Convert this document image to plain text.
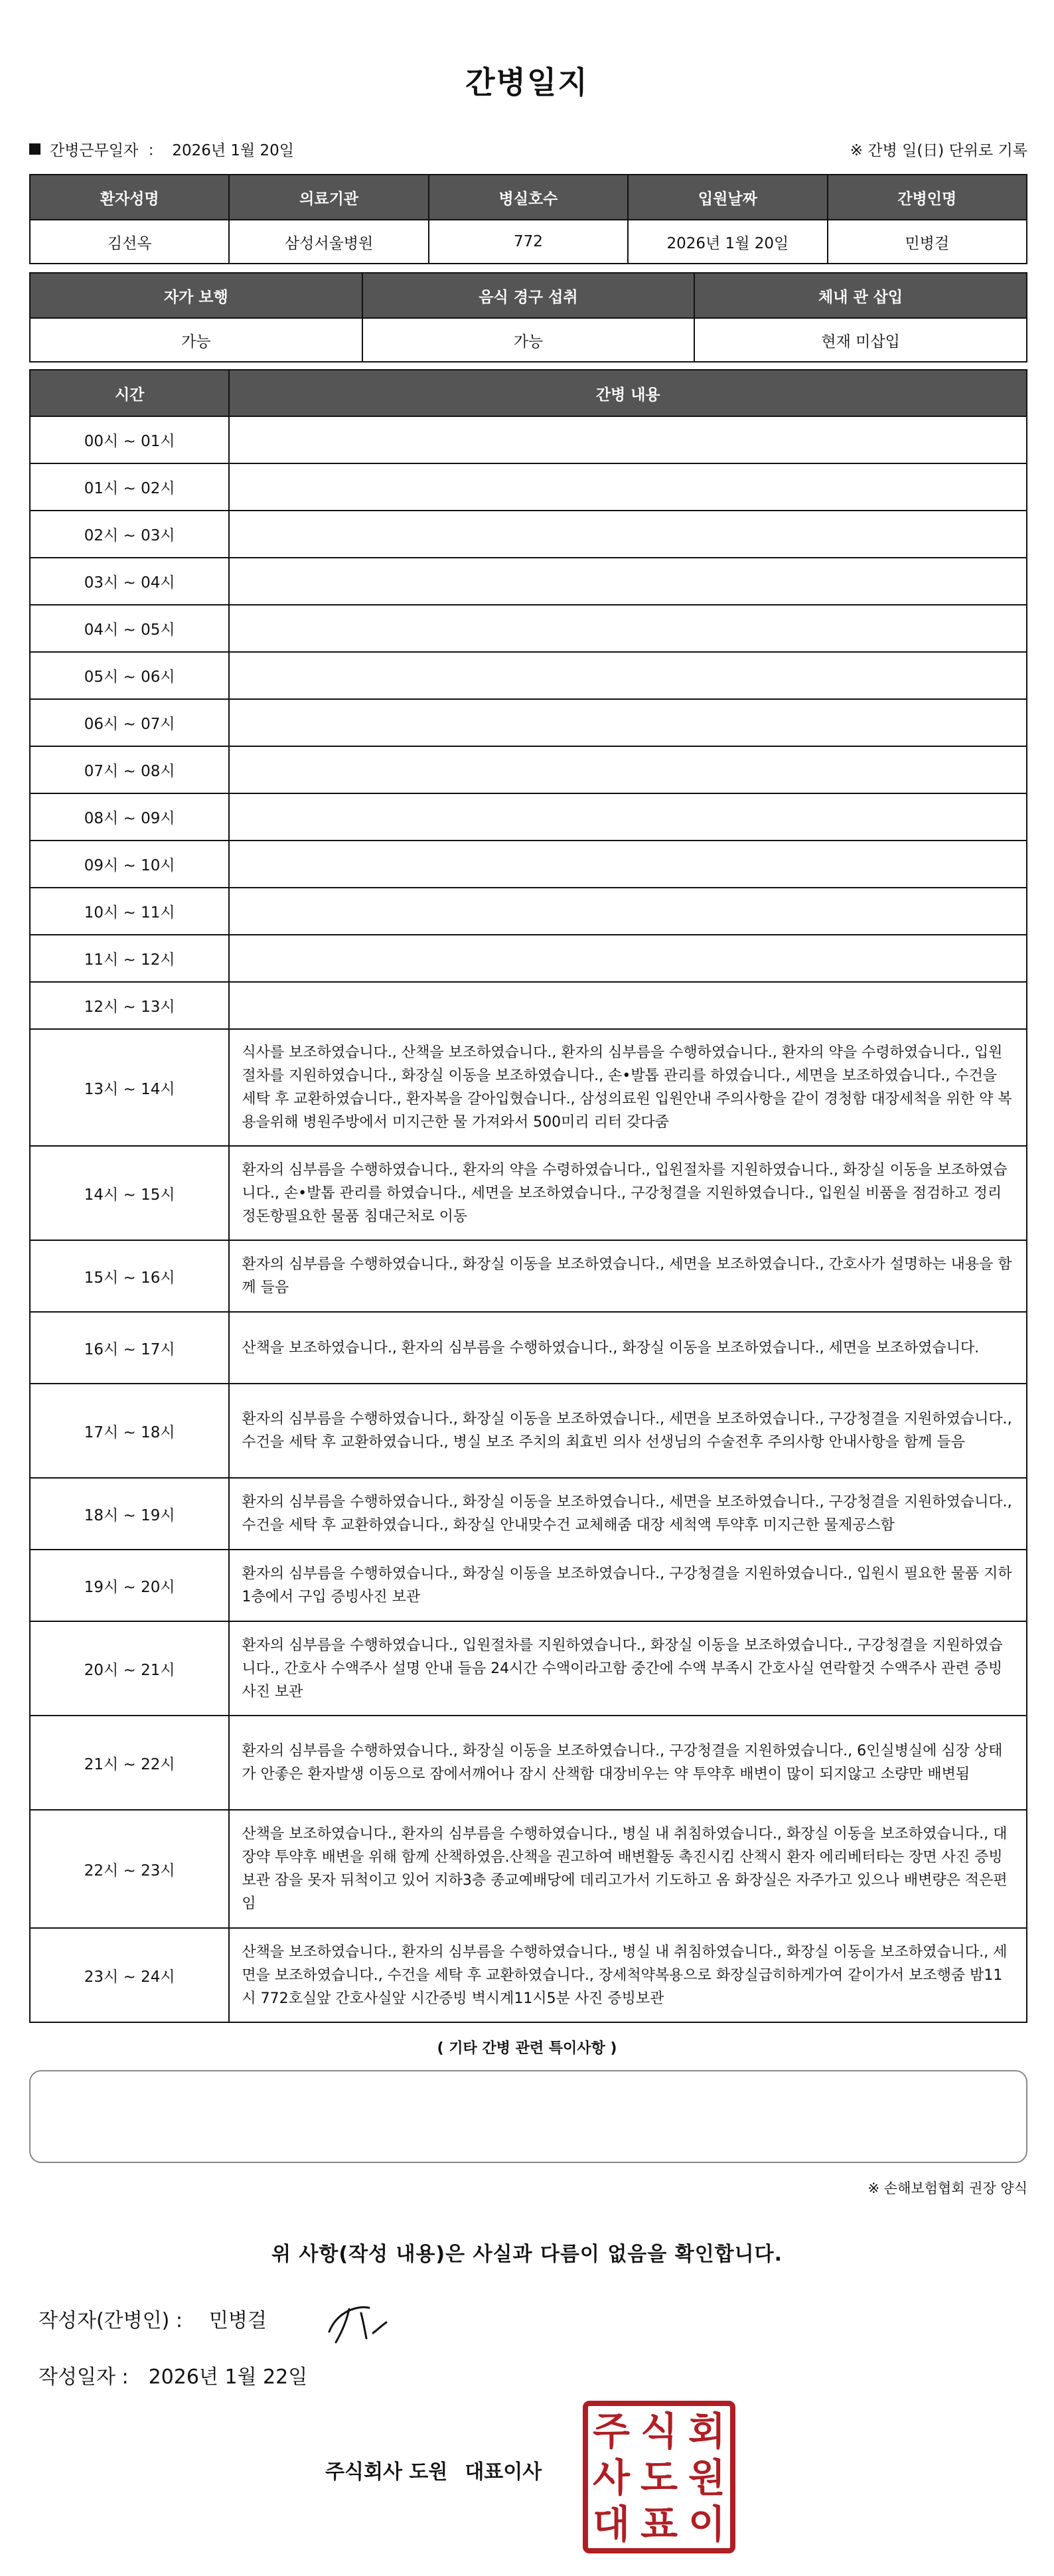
간병일지
간병근무일자 ： 2026년 1월 20일	※ 간병 일(日) 단위로 기록
환자성명	의료기관	병실호수	입원날짜	간병인명
김선옥	삼성서울병원	772	2026년 1월 20일	민병걸
자가 보행	음식 경구 섭취	체내 관 삽입
가능	가능	현재 미삽입
시간	간병 내용
00시 ~ 01시	
01시 ~ 02시	
02시 ~ 03시	
03시 ~ 04시	
04시 ~ 05시	
05시 ~ 06시	
06시 ~ 07시	
07시 ~ 08시	
08시 ~ 09시	
09시 ~ 10시	
10시 ~ 11시	
11시 ~ 12시	
12시 ~ 13시	
13시 ~ 14시	식사를 보조하였습니다., 산책을 보조하였습니다., 환자의 심부름을 수행하였습니다., 환자의 약을 수령하였습니다., 입원절차를 지원하였습니다., 화장실 이동을 보조하였습니다., 손•발톱 관리를 하였습니다., 세면을 보조하였습니다., 수건을 세탁 후 교환하였습니다., 환자복을 갈아입혔습니다., 삼성의료원 입원안내 주의사항을 같이 경청함 대장세척을 위한 약 복용을위해 병원주방에서 미지근한 물 가져와서 500미리 리터 갖다줌
14시 ~ 15시	환자의 심부름을 수행하였습니다., 환자의 약을 수령하였습니다., 입원절차를 지원하였습니다., 화장실 이동을 보조하였습니다., 손•발톱 관리를 하였습니다., 세면을 보조하였습니다., 구강청결을 지원하였습니다., 입원실 비품을 점검하고 정리정돈항필요한 물품 침대근처로 이동
15시 ~ 16시	환자의 심부름을 수행하였습니다., 화장실 이동을 보조하였습니다., 세면을 보조하였습니다., 간호사가 설명하는 내용을 함께 들음
16시 ~ 17시	산책을 보조하였습니다., 환자의 심부름을 수행하였습니다., 화장실 이동을 보조하였습니다., 세면을 보조하였습니다.
17시 ~ 18시	환자의 심부름을 수행하였습니다., 화장실 이동을 보조하였습니다., 세면을 보조하였습니다., 구강청결을 지원하였습니다., 수건을 세탁 후 교환하였습니다., 병실 보조 주치의 최효빈 의사 선생님의 수술전후 주의사항 안내사항을 함께 들음
18시 ~ 19시	환자의 심부름을 수행하였습니다., 화장실 이동을 보조하였습니다., 세면을 보조하였습니다., 구강청결을 지원하였습니다., 수건을 세탁 후 교환하였습니다., 화장실 안내맞수건 교체해줌 대장 세척액 투약후 미지근한 물제공스함
19시 ~ 20시	환자의 심부름을 수행하였습니다., 화장실 이동을 보조하였습니다., 구강청결을 지원하였습니다., 입원시 필요한 물품 지하1층에서 구입 증빙사진 보관
20시 ~ 21시	환자의 심부름을 수행하였습니다., 입원절차를 지원하였습니다., 화장실 이동을 보조하였습니다., 구강청결을 지원하였습니다., 간호사 수액주사 설명 안내 들음 24시간 수액이라고함 중간에 수액 부족시 간호사실 연락할것 수액주사 관련 증빙사진 보관
21시 ~ 22시	환자의 심부름을 수행하였습니다., 화장실 이동을 보조하였습니다., 구강청결을 지원하였습니다., 6인실병실에 심장 상태가 안좋은 환자발생 이동으로 잠에서깨어나 잠시 산책함 대장비우는 약 투약후 배변이 많이 되지않고 소량만 배변됨
22시 ~ 23시	산책을 보조하였습니다., 환자의 심부름을 수행하였습니다., 병실 내 취침하였습니다., 화장실 이동을 보조하였습니다., 대장약 투약후 배변을 위해 함께 산책하였음.산책을 권고하여 배변활동 촉진시킴 산책시 환자 에리베터타는 장면 사진 증빙 보관 잠을 못자 뒤척이고 있어 지하3층 종교예배당에 데리고가서 기도하고 옴 화장실은 자주가고 있으나 배변량은 적은편임
23시 ~ 24시	산책을 보조하였습니다., 환자의 심부름을 수행하였습니다., 병실 내 취침하였습니다., 화장실 이동을 보조하였습니다., 세면을 보조하였습니다., 수건을 세탁 후 교환하였습니다., 장세척약복용으로 화장실급히하게가여 같이가서 보조행줌 밤11시 772호실앞 간호사실앞 시간증빙 벽시계11시5분 사진 증빙보관
( 기타 간병 관련 특이사항 )
※ 손해보험협회 권장 양식
위 사항(작성 내용)은 사실과 다름이 없음을 확인합니다.
작성자(간병인) : 민병걸
작성일자 : 2026년 1월 22일
주식회사 도원 대표이사
주 식 회
사 도 원
대 표 이
